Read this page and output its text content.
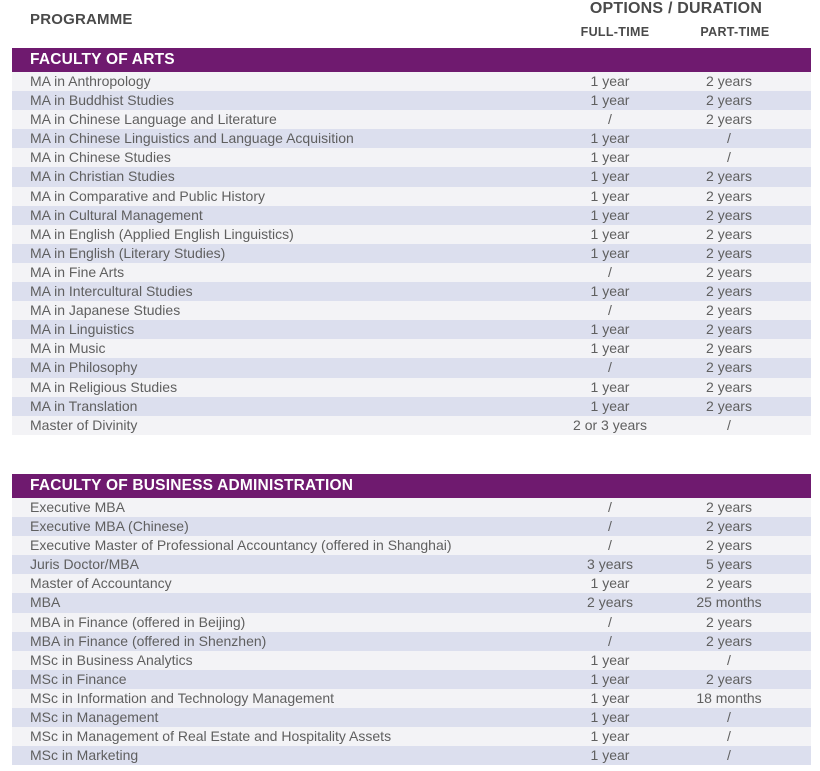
PROGRAMME
OPTIONS / DURATION
FULL-TIME	PART-TIME
FACULTY OF ARTS
MA in Anthropology	1 year	2 years
MA in Buddhist Studies	1 year	2 years
MA in Chinese Language and Literature	/	2 years
MA in Chinese Linguistics and Language Acquisition	1 year	/
MA in Chinese Studies	1 year	/
MA in Christian Studies	1 year	2 years
MA in Comparative and Public History	1 year	2 years
MA in Cultural Management	1 year	2 years
MA in English (Applied English Linguistics)	1 year	2 years
MA in English (Literary Studies)	1 year	2 years
MA in Fine Arts	/	2 years
MA in Intercultural Studies	1 year	2 years
MA in Japanese Studies	/	2 years
MA in Linguistics	1 year	2 years
MA in Music	1 year	2 years
MA in Philosophy	/	2 years
MA in Religious Studies	1 year	2 years
MA in Translation	1 year	2 years
Master of Divinity	2 or 3 years	/
FACULTY OF BUSINESS ADMINISTRATION
Executive MBA	/	2 years
Executive MBA (Chinese)	/	2 years
Executive Master of Professional Accountancy (offered in Shanghai)	/	2 years
Juris Doctor/MBA	3 years	5 years
Master of Accountancy	1 year	2 years
MBA	2 years	25 months
MBA in Finance (offered in Beijing)	/	2 years
MBA in Finance (offered in Shenzhen)	/	2 years
MSc in Business Analytics	1 year	/
MSc in Finance	1 year	2 years
MSc in Information and Technology Management	1 year	18 months
MSc in Management	1 year	/
MSc in Management of Real Estate and Hospitality Assets	1 year	/
MSc in Marketing	1 year	/
